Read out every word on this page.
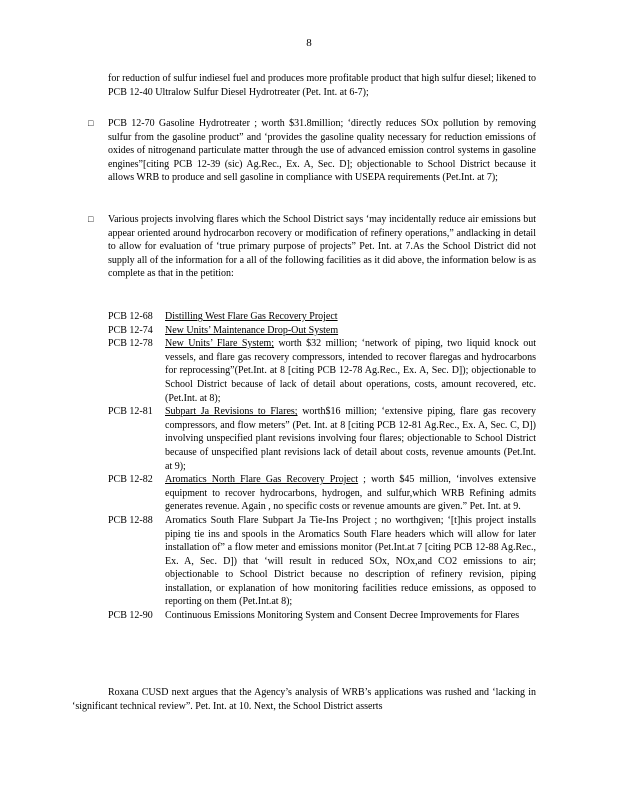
8
for reduction of sulfur indiesel fuel and produces more profitable product that high sulfur diesel; likened to PCB 12-40 Ultralow Sulfur Diesel Hydrotreater (Pet. Int. at 6-7);
□ PCB 12-70 Gasoline Hydrotreater ; worth $31.8million; ‘directly reduces SOx pollution by removing sulfur from the gasoline product” and ‘provides the gasoline quality necessary for reduction emissions of oxides of nitrogenand particulate matter through the use of advanced emission control systems in gasoline engines”[citing PCB 12-39 (sic) Ag.Rec., Ex. A, Sec. D]; objectionable to School District because it allows WRB to produce and sell gasoline in compliance with USEPA requirements (Pet.Int. at 7);
□ Various projects involving flares which the School District says ‘may incidentally reduce air emissions but appear oriented around hydrocarbon recovery or modification of refinery operations,” andlacking in detail to allow for evaluation of ‘true primary purpose of projects” Pet. Int. at 7.As the School District did not supply all of the information for a all of the following facilities as it did above, the information below is as complete as that in the petition:
PCB 12-68	Distilling West Flare Gas Recovery Project
PCB 12-74	New Units’ Maintenance Drop-Out System
PCB 12-78	New Units’ Flare System; worth $32 million; ‘network of piping, two liquid knock out vessels, and flare gas recovery compressors, intended to recover flaregas and hydrocarbons for reprocessing”(Pet.Int. at 8 [citing PCB 12-78 Ag.Rec., Ex. A, Sec. D]); objectionable to School District because of lack of detail about operations, costs, amount recovered, etc. (Pet.Int. at 8);
PCB 12-81	Subpart Ja Revisions to Flares; worth$16 million; ‘extensive piping, flare gas recovery compressors, and flow meters” (Pet. Int. at 8 [citing PCB 12-81 Ag.Rec., Ex. A, Sec. C, D]) involving unspecified plant revisions involving four flares; objectionable to School District because of unspecified plant revisions lack of detail about costs, revenue amounts (Pet.Int. at 9);
PCB 12-82	Aromatics North Flare Gas Recovery Project ; worth $45 million, ‘involves extensive equipment to recover hydrocarbons, hydrogen, and sulfur,which WRB Refining admits generates revenue. Again , no specific costs or revenue amounts are given.” Pet. Int. at 9.
PCB 12-88	Aromatics South Flare Subpart Ja Tie-Ins Project ; no worthgiven; ‘[t]his project installs piping tie ins and spools in the Aromatics South Flare headers which will allow for later installation of” a flow meter and emissions monitor (Pet.Int.at 7 [citing PCB 12-88 Ag.Rec., Ex. A, Sec. D]) that ‘will result in reduced SOx, NOx,and CO2 emissions to air; objectionable to School District because no description of refinery revision, piping installation, or explanation of how monitoring facilities reduce emissions, as opposed to reporting on them (Pet.Int.at 8);
PCB 12-90	Continuous Emissions Monitoring System and Consent Decree Improvements for Flares
Roxana CUSD next argues that the Agency’s analysis of WRB’s applications was rushed and ‘lacking in ‘significant technical review”. Pet. Int. at 10. Next, the School District asserts
